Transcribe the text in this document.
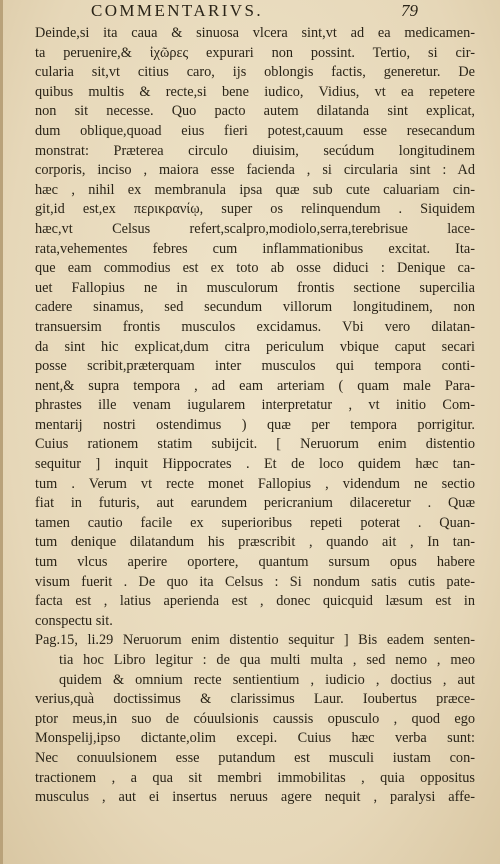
COMMENTARIVS.	79
Deinde,si ita caua & sinuosa vlcera sint,vt ad ea medicamen-
ta peruenire,& ἰχῶρες expurari non possint. Tertio, si cir-
cularia sit,vt citius caro, ijs oblongis factis, generetur. De
quibus multis & recte,si bene iudico, Vidius, vt ea repetere
non sit necesse. Quo pacto autem dilatanda sint explicat,
dum oblique,quoad eius fieri potest,cauum esse resecandum
monstrat: Præterea circulo diuisim, secúdum longitudinem
corporis, inciso , maiora esse facienda , si circularia sint : Ad
hæc , nihil ex membranula ipsa quæ sub cute caluariam cin-
git,id est,ex περικρανίῳ, super os relinquendum . Siquidem
hæc,vt Celsus refert,scalpro,modiolo,serra,terebrisue lace-
rata,vehementes febres cum inflammationibus excitat. Ita-
que eam commodius est ex toto ab osse diduci : Denique ca-
uet Fallopius ne in musculorum frontis sectione supercilia
cadere sinamus, sed secundum villorum longitudinem, non
transuersim frontis musculos excidamus. Vbi vero dilatan-
da sint hic explicat,dum citra periculum vbique caput secari
posse scribit,præterquam inter musculos qui tempora conti-
nent,& supra tempora , ad eam arteriam ( quam male Para-
phrastes ille venam iugularem interpretatur , vt initio Com-
mentarij nostri ostendimus ) quæ per tempora porrigitur.
Cuius rationem statim subijcit. [ Neruorum enim distentio
sequitur ] inquit Hippocrates . Et de loco quidem hæc tan-
tum . Verum vt recte monet Fallopius , videndum ne sectio
fiat in futuris, aut earundem pericranium dilaceretur . Quæ
tamen cautio facile ex superioribus repeti poterat . Quan-
tum denique dilatandum his præscribit , quando ait , In tan-
tum vlcus aperire oportere, quantum sursum opus habere
visum fuerit . De quo ita Celsus : Si nondum satis cutis pate-
facta est , latius aperienda est , donec quicquid læsum est in
conspectu sit.
Pag.15, li.29 Neruorum enim distentio sequitur ] Bis eadem senten-
tia hoc Libro legitur : de qua multi multa , sed nemo , meo
quidem & omnium recte sentientium , iudicio , doctius , aut
verius,quà doctissimus & clarissimus Laur. Ioubertus præce-
ptor meus,in suo de cóuulsionis caussis opusculo , quod ego
Monspelij,ipso dictante,olim excepi. Cuius hæc verba sunt:
Nec conuulsionem esse putandum est musculi iustam con-
tractionem , a qua sit membri immobilitas , quia oppositus
musculus , aut ei insertus neruus agere nequit , paralysi affe-
